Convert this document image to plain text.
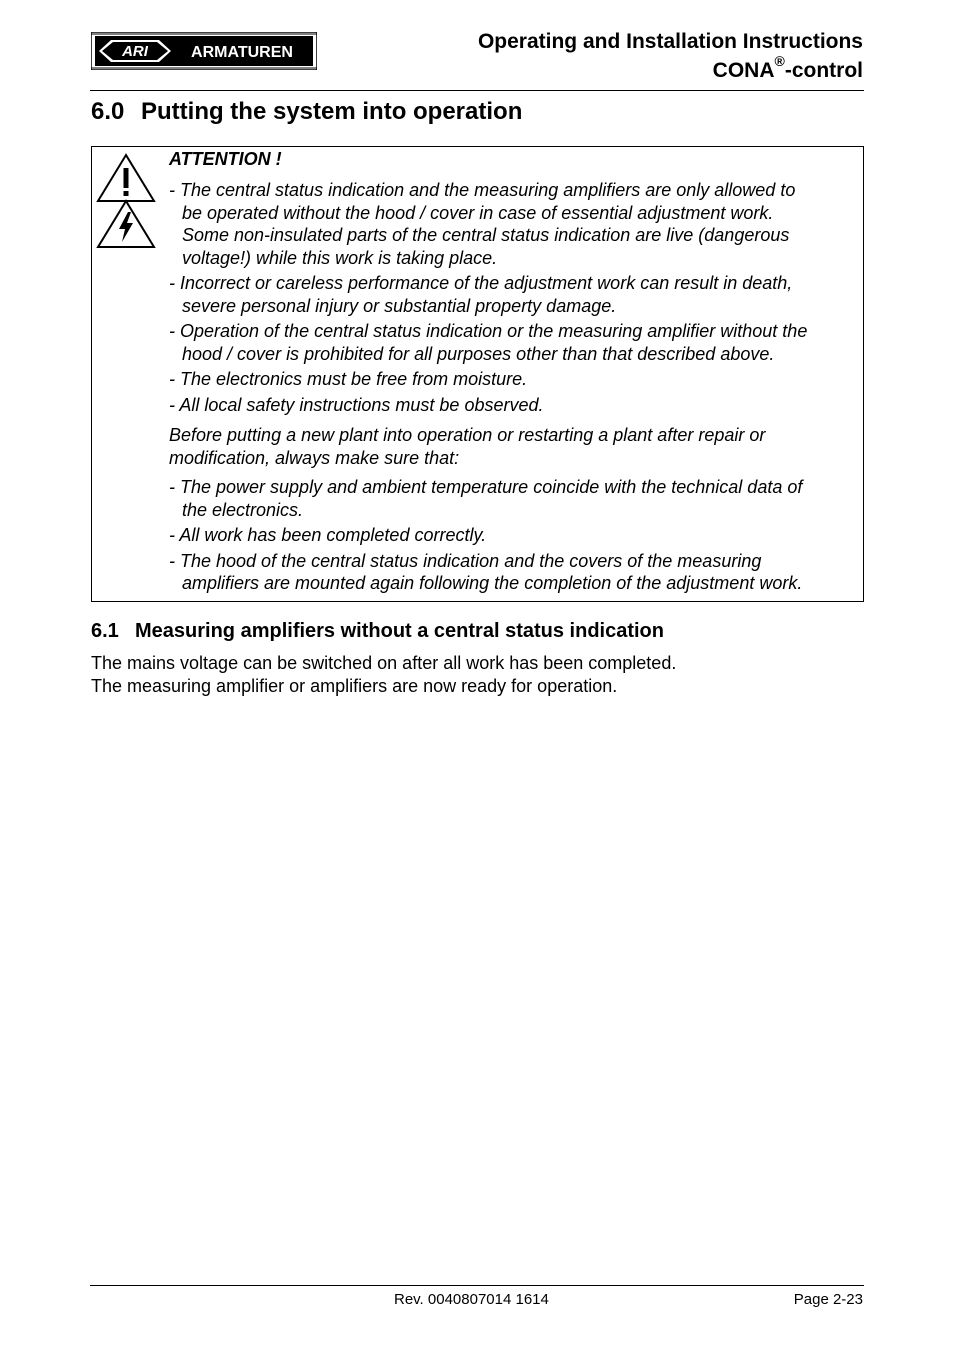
ARI	ARMATUREN	Operating and Installation Instructions
CONA®-control
6.0 Putting the system into operation
ATTENTION !
- The central status indication and the measuring amplifiers are only allowed to
be operated without the hood / cover in case of essential adjustment work.
Some non-insulated parts of the central status indication are live (dangerous
voltage!) while this work is taking place.
- Incorrect or careless performance of the adjustment work can result in death,
severe personal injury or substantial property damage.
- Operation of the central status indication or the measuring amplifier without the
hood / cover is prohibited for all purposes other than that described above.
- The electronics must be free from moisture.
- All local safety instructions must be observed.
Before putting a new plant into operation or restarting a plant after repair or
modification, always make sure that:
- The power supply and ambient temperature coincide with the technical data of
the electronics.
- All work has been completed correctly.
- The hood of the central status indication and the covers of the measuring
amplifiers are mounted again following the completion of the adjustment work.
6.1 Measuring amplifiers without a central status indication
The mains voltage can be switched on after all work has been completed.
The measuring amplifier or amplifiers are now ready for operation.
Rev. 0040807014 1614	Page 2-23
